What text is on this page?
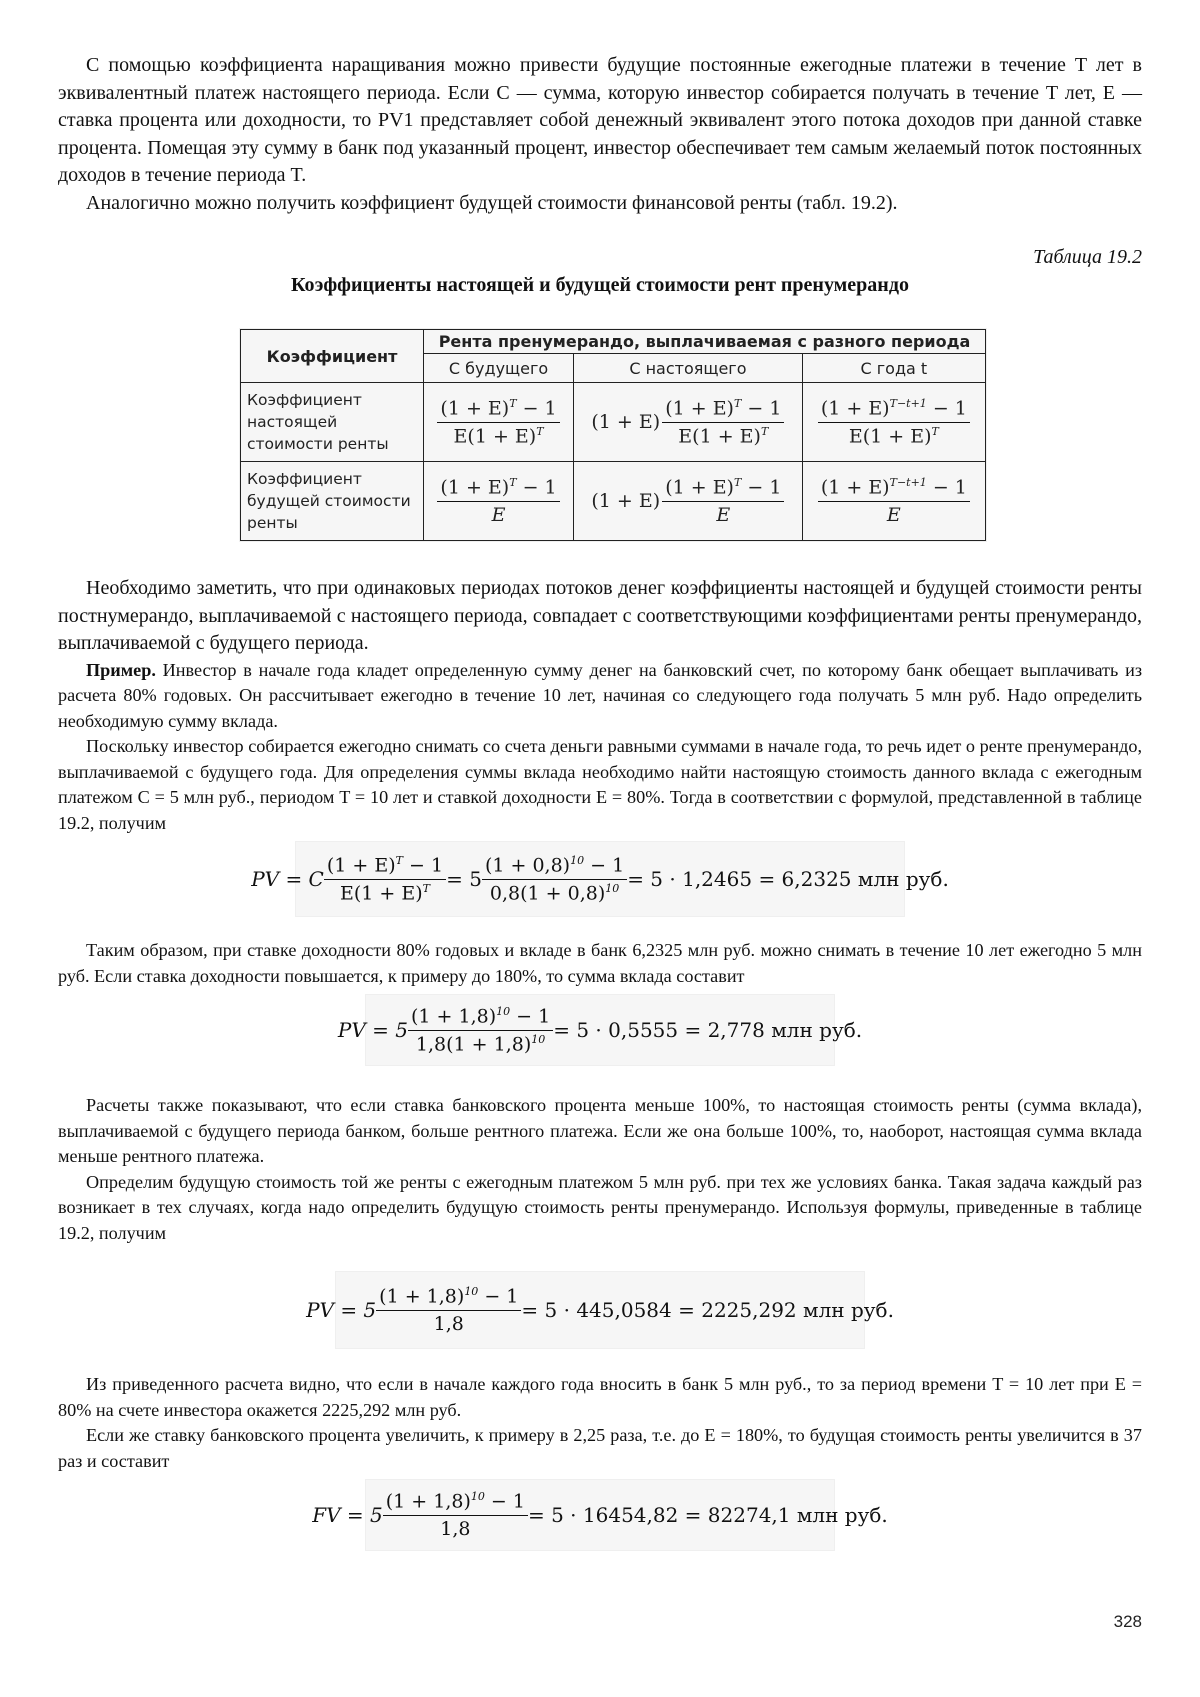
С помощью коэффициента наращивания можно привести будущие постоянные ежегодные платежи в течение T лет в эквивалентный платеж настоящего периода. Если C — сумма, которую инвестор собирается получать в течение T лет, E — ставка процента или доходности, то PV1 представляет собой денежный эквивалент этого потока доходов при данной ставке процента. Помещая эту сумму в банк под указанный процент, инвестор обеспечивает тем самым желаемый поток постоянных доходов в течение периода T.

Аналогично можно получить коэффициент будущей стоимости финансовой ренты (табл. 19.2).

Таблица 19.2
Коэффициенты настоящей и будущей стоимости рент пренумерандо
Коэффициент	Рента пренумерандо, выплачиваемая с разного периода		
	С будущего	С настоящего	С года t
Коэффициент настоящей стоимости ренты	$\frac{(1 + E)^T - 1}{E(1 + E)^T}$	$(1 + E) \frac{(1 + E)^T - 1}{E(1 + E)^T}$	$\frac{(1 + E)^{T-t+1} - 1}{E(1 + E)^T}$

Коэффициент будущей стоимости ренты	$\frac{(1 + E)^T - 1}{E}$	$(1 + E) \frac{(1 + E)^T - 1}{E}$	$\frac{(1 + E)^{T-t+1} - 1}{E}$

Необходимо заметить, что при одинаковых периодах потоков денег коэффициенты настоящей и будущей стоимости ренты постнумерандо, выплачиваемой с настоящего периода, совпадает с соответствующими коэффициентами ренты пренумерандо, выплачиваемой с будущего периода.

Пример. Инвестор в начале года кладет определенную сумму денег на банковский счет, по которому банк обещает выплачивать из расчета 80% годовых. Он рассчитывает ежегодно в течение 10 лет, начиная со следующего года получать 5 млн руб. Надо определить необходимую сумму вклада.

Поскольку инвестор собирается ежегодно снимать со счета деньги равными суммами в начале года, то речь идет о ренте пренумерандо, выплачиваемой с будущего года. Для определения суммы вклада необходимо найти настоящую стоимость данного вклада с ежегодным платежом C = 5 млн руб., периодом T = 10 лет и ставкой доходности E = 80%. Тогда в соответствии с формулой, представленной в таблице 19.2, получим

PV = C $\frac{(1 + E)^T - 1}{E(1 + E)^T} = 5 \frac{(1 + 0,8)^{10} - 1}{0,8(1 + 0,8)^{10}} = 5 \cdot 1,2465 = 6,2325$ млн руб.

Таким образом, при ставке доходности 80% годовых и вкладе в банк 6,2325 млн руб. можно снимать в течение 10 лет ежегодно 5 млн руб. Если ставка доходности повышается, к примеру до 180%, то сумма вклада составит

PV = $5 \frac{(1 + 1,8)^{10} - 1}{1,8(1 + 1,8)^{10}} = 5 \cdot 0,5555 = 2,778$ млн руб.

Расчеты также показывают, что если ставка банковского процента меньше 100%, то настоящая стоимость ренты (сумма вклада), выплачиваемой с будущего периода банком, больше рентного платежа. Если же она больше 100%, то, наоборот, настоящая сумма вклада меньше рентного платежа.

Определим будущую стоимость той же ренты с ежегодным платежом 5 млн руб. при тех же условиях банка. Такая задача каждый раз возникает в тех случаях, когда надо определить будущую стоимость ренты пренумерандо. Используя формулы, приведенные в таблице 19.2, получим

PV = $5 \frac{(1 + 1,8)^{10} - 1}{1,8} = 5 \cdot 445,0584 = 2225,292$ млн руб.

Из приведенного расчета видно, что если в начале каждого года вносить в банк 5 млн руб., то за период времени T = 10 лет при E = 80% на счете инвестора окажется 2225,292 млн руб.

Если же ставку банковского процента увеличить, к примеру в 2,25 раза, т.е. до E = 180%, то будущая стоимость ренты увеличится в 37 раз и составит

FV = $5 \frac{(1 + 1,8)^{10} - 1}{1,8} = 5 \cdot 16454,82 = 82274,1$ млн руб.
328
